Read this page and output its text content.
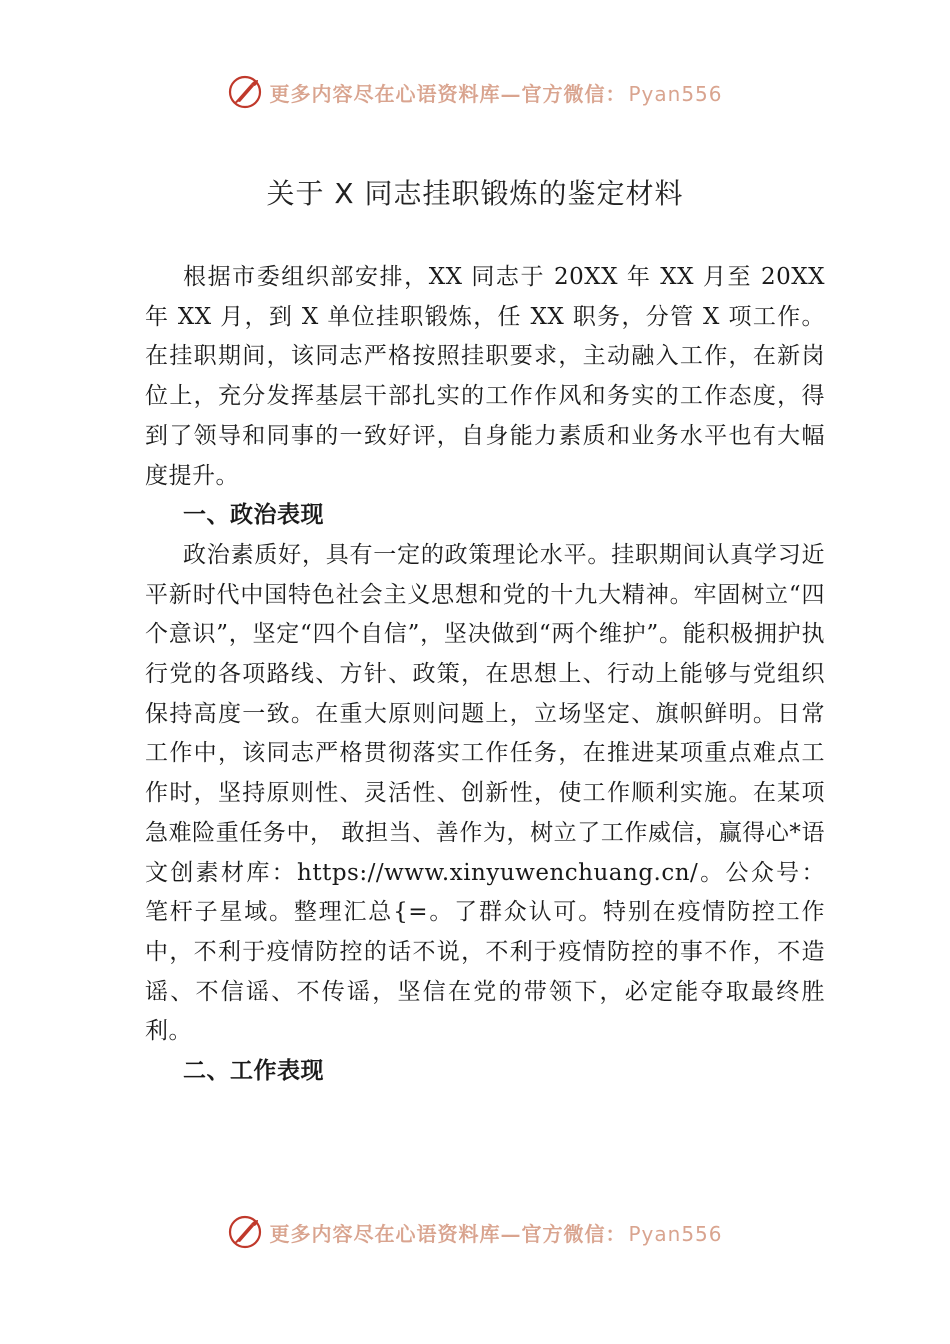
更多内容尽在心语资料库—官方微信： Pyan556
关于 X 同志挂职锻炼的鉴定材料

根据市委组织部安排，XX 同志于 20XX 年 XX 月至 20XX 年 XX 月，到 X 单位挂职锻炼，任 XX 职务，分管 X 项工作。在挂职期间，该同志严格按照挂职要求，主动融入工作，在新岗位上，充分发挥基层干部扎实的工作作风和务实的工作态度，得到了领导和同事的一致好评，自身能力素质和业务水平也有大幅度提升。

一、政治表现

政治素质好，具有一定的政策理论水平。挂职期间认真学习近平新时代中国特色社会主义思想和党的十九大精神。牢固树立“四个意识”，坚定“四个自信”，坚决做到“两个维护”。能积极拥护执行党的各项路线、方针、政策，在思想上、行动上能够与党组织保持高度一致。在重大原则问题上，立场坚定、旗帜鲜明。日常工作中，该同志严格贯彻落实工作任务，在推进某项重点难点工作时，坚持原则性、灵活性、创新性，使工作顺利实施。在某项急难险重任务中， 敢担当、善作为，树立了工作威信，赢得心*语文创素材库：https://www.xinyuwenchuang.cn/。公众号：笔杆子星域。整理汇总{=。了群众认可。特别在疫情防控工作中，不利于疫情防控的话不说，不利于疫情防控的事不作，不造谣、不信谣、不传谣，坚信在党的带领下，必定能夺取最终胜利。

二、工作表现
更多内容尽在心语资料库—官方微信： Pyan556
